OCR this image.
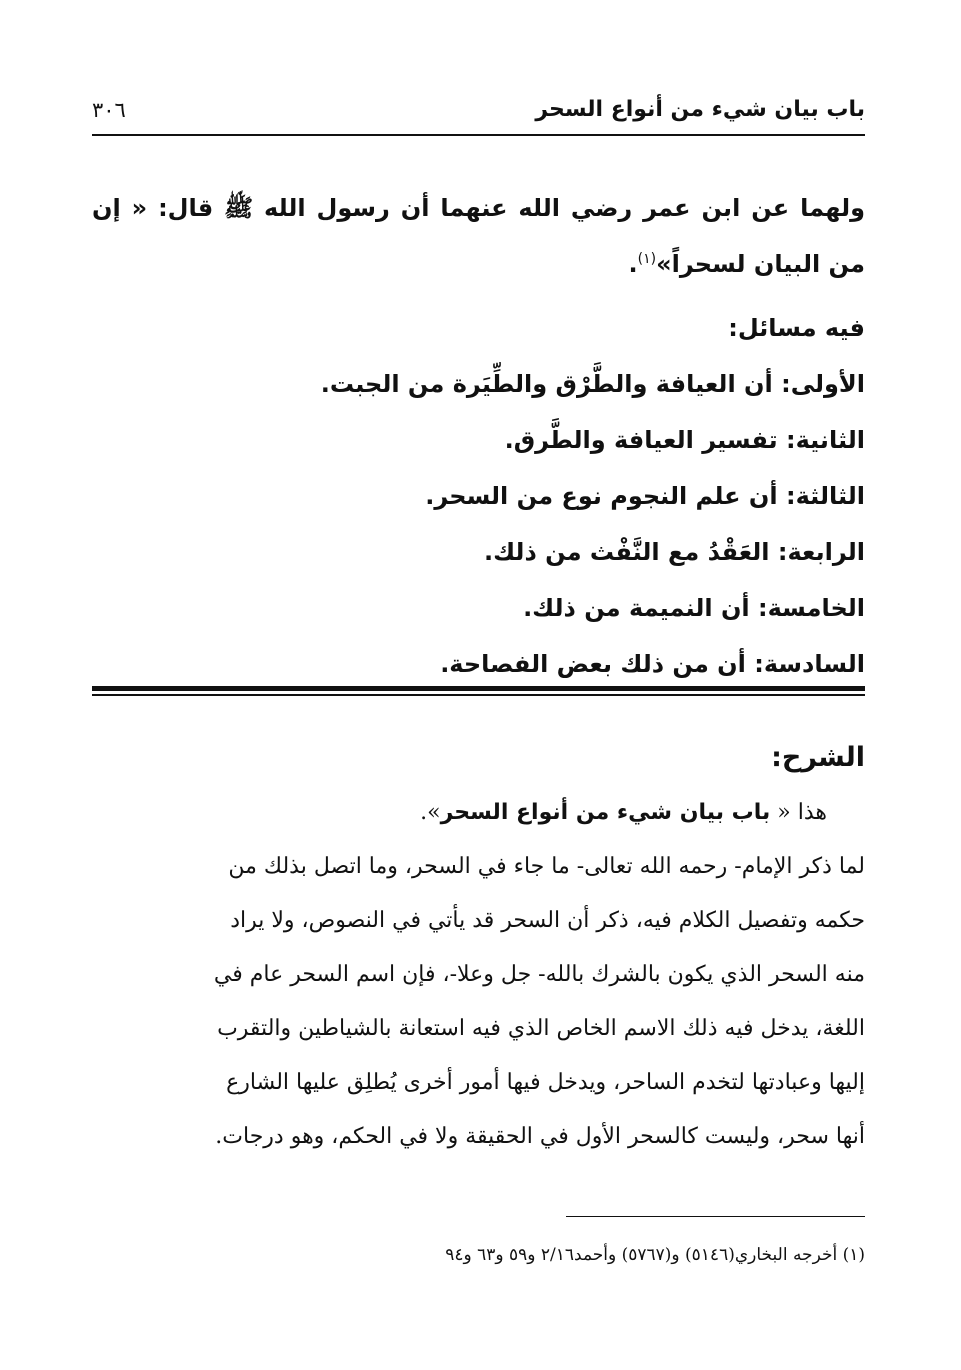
باب بيان شيء من أنواع السحر
٣٠٦
ولهما عن ابن عمر رضي الله عنهما أن رسول الله ﷺ قال: « إن من البيان لسحراً»$^{(١)}$.
فيه مسائل:
الأولى: أن العيافة والطَّرْق والطِّيَرة من الجبت.
الثانية: تفسير العيافة والطَّرق.
الثالثة: أن علم النجوم نوع من السحر.
الرابعة: العَقْدُ مع النَّفْث من ذلك.
الخامسة: أن النميمة من ذلك.
السادسة: أن من ذلك بعض الفصاحة.
الشرح:
هذا « باب بيان شيء من أنواع السحر».
لما ذكر الإمام- رحمه الله تعالى- ما جاء في السحر، وما اتصل بذلك من
حكمه وتفصيل الكلام فيه، ذكر أن السحر قد يأتي في النصوص، ولا يراد
منه السحر الذي يكون بالشرك بالله- جل وعلا-، فإن اسم السحر عام في
اللغة، يدخل فيه ذلك الاسم الخاص الذي فيه استعانة بالشياطين والتقرب
إليها وعبادتها لتخدم الساحر، ويدخل فيها أمور أخرى يُطلِق عليها الشارع
أنها سحر، وليست كالسحر الأول في الحقيقة ولا في الحكم، وهو درجات.
(١) أخرجه البخاري(٥١٤٦) و(٥٧٦٧) وأحمد٢/١٦ و٥٩ و٦٣ و٩٤
